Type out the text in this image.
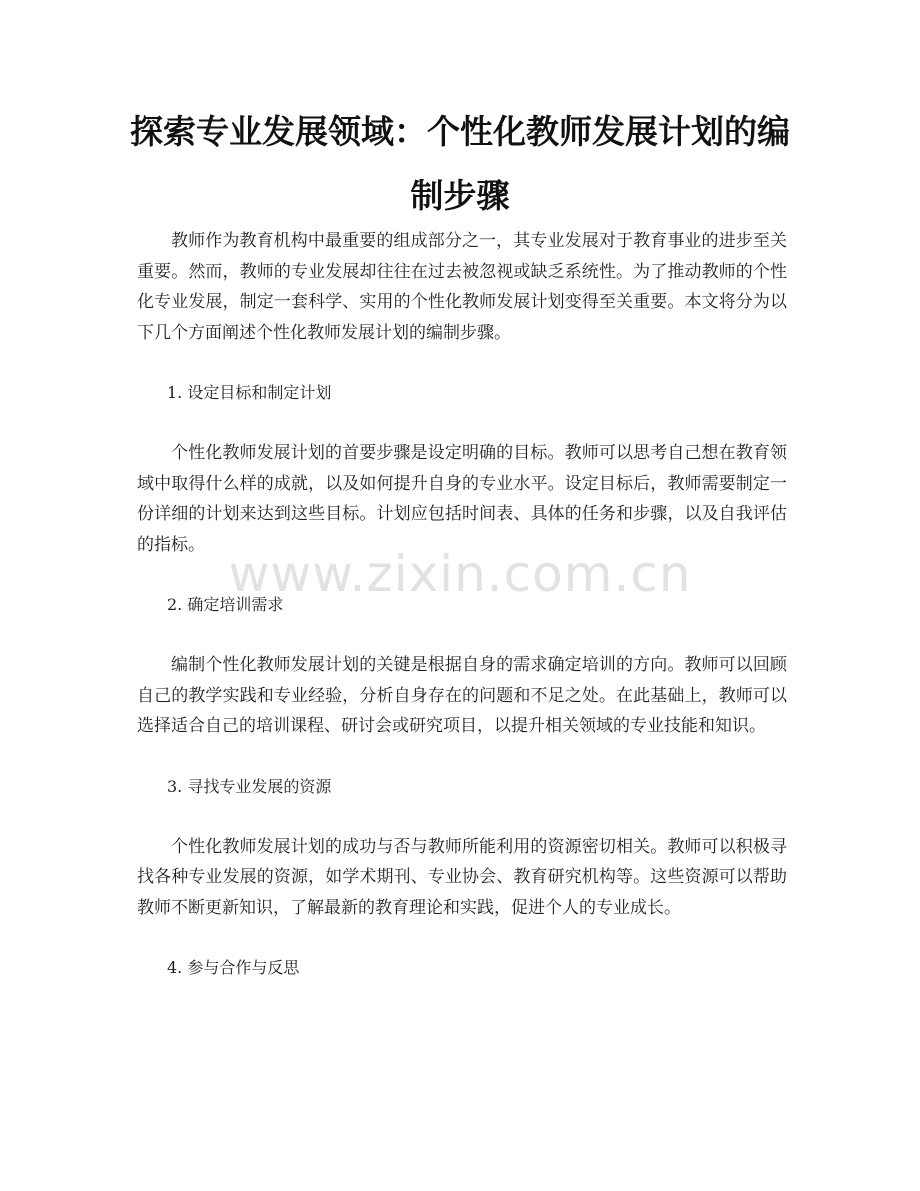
探索专业发展领域：个性化教师发展计划的编制步骤

教师作为教育机构中最重要的组成部分之一，其专业发展对于教育事业的进步至关重要。然而，教师的专业发展却往往在过去被忽视或缺乏系统性。为了推动教师的个性化专业发展，制定一套科学、实用的个性化教师发展计划变得至关重要。本文将分为以下几个方面阐述个性化教师发展计划的编制步骤。

1. 设定目标和制定计划

个性化教师发展计划的首要步骤是设定明确的目标。教师可以思考自己想在教育领域中取得什么样的成就，以及如何提升自身的专业水平。设定目标后，教师需要制定一份详细的计划来达到这些目标。计划应包括时间表、具体的任务和步骤，以及自我评估的指标。

2. 确定培训需求

编制个性化教师发展计划的关键是根据自身的需求确定培训的方向。教师可以回顾自己的教学实践和专业经验，分析自身存在的问题和不足之处。在此基础上，教师可以选择适合自己的培训课程、研讨会或研究项目，以提升相关领域的专业技能和知识。

3. 寻找专业发展的资源

个性化教师发展计划的成功与否与教师所能利用的资源密切相关。教师可以积极寻找各种专业发展的资源，如学术期刊、专业协会、教育研究机构等。这些资源可以帮助教师不断更新知识，了解最新的教育理论和实践，促进个人的专业成长。

4. 参与合作与反思

www.zixin.com.cn
